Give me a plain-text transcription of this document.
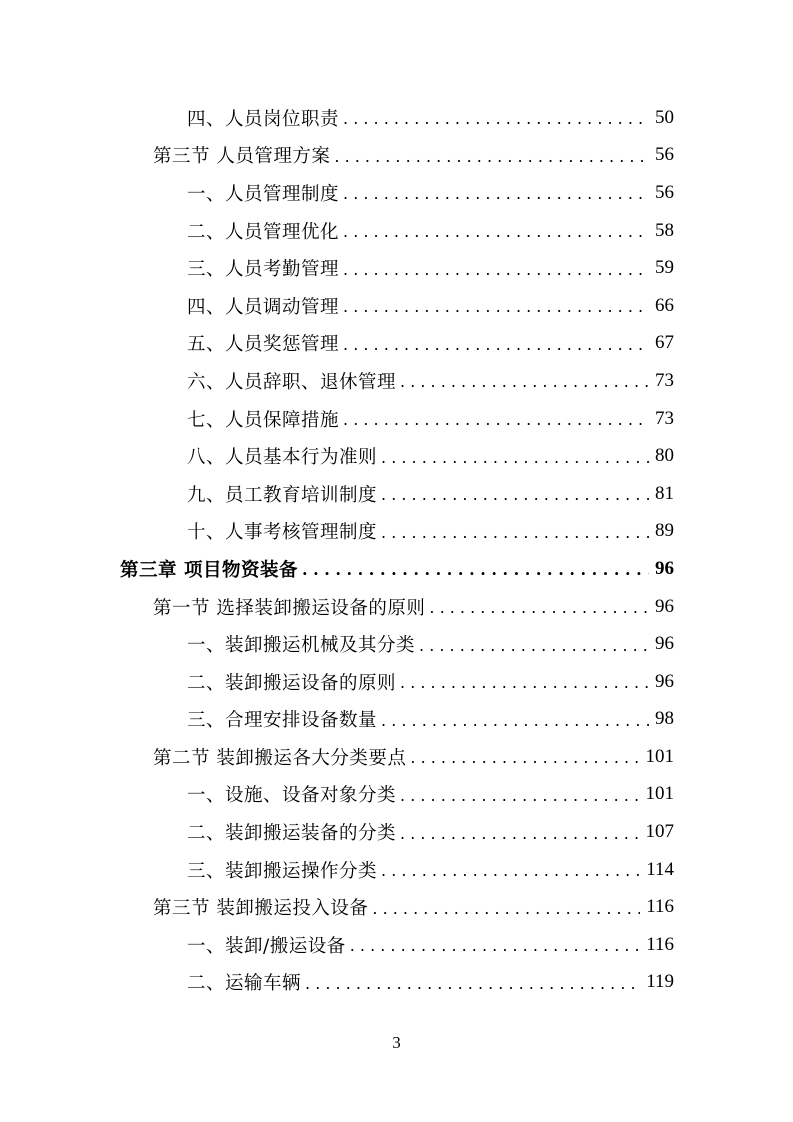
四、人员岗位职责 . . .	50
第三节 人员管理方案 . . .	56
一、人员管理制度 . . .	56
二、人员管理优化 . . .	58
三、人员考勤管理 . . .	59
四、人员调动管理 . . .	66
五、人员奖惩管理 . . .	67
六、人员辞职、退休管理 . . .	73
七、人员保障措施 . . .	73
八、人员基本行为准则 . . .	80
九、员工教育培训制度 . . .	81
十、人事考核管理制度 . . .	89
第三章 项目物资装备 . . .	96
第一节 选择装卸搬运设备的原则 . . .	96
一、装卸搬运机械及其分类 . . .	96
二、装卸搬运设备的原则 . . .	96
三、合理安排设备数量 . . .	98
第二节 装卸搬运各大分类要点 . . .	101
一、设施、设备对象分类 . . .	101
二、装卸搬运装备的分类 . . .	107
三、装卸搬运操作分类 . . .	114
第三节 装卸搬运投入设备 . . .	116
一、装卸/搬运设备 . . .	116
二、运输车辆 . . .	119
3
